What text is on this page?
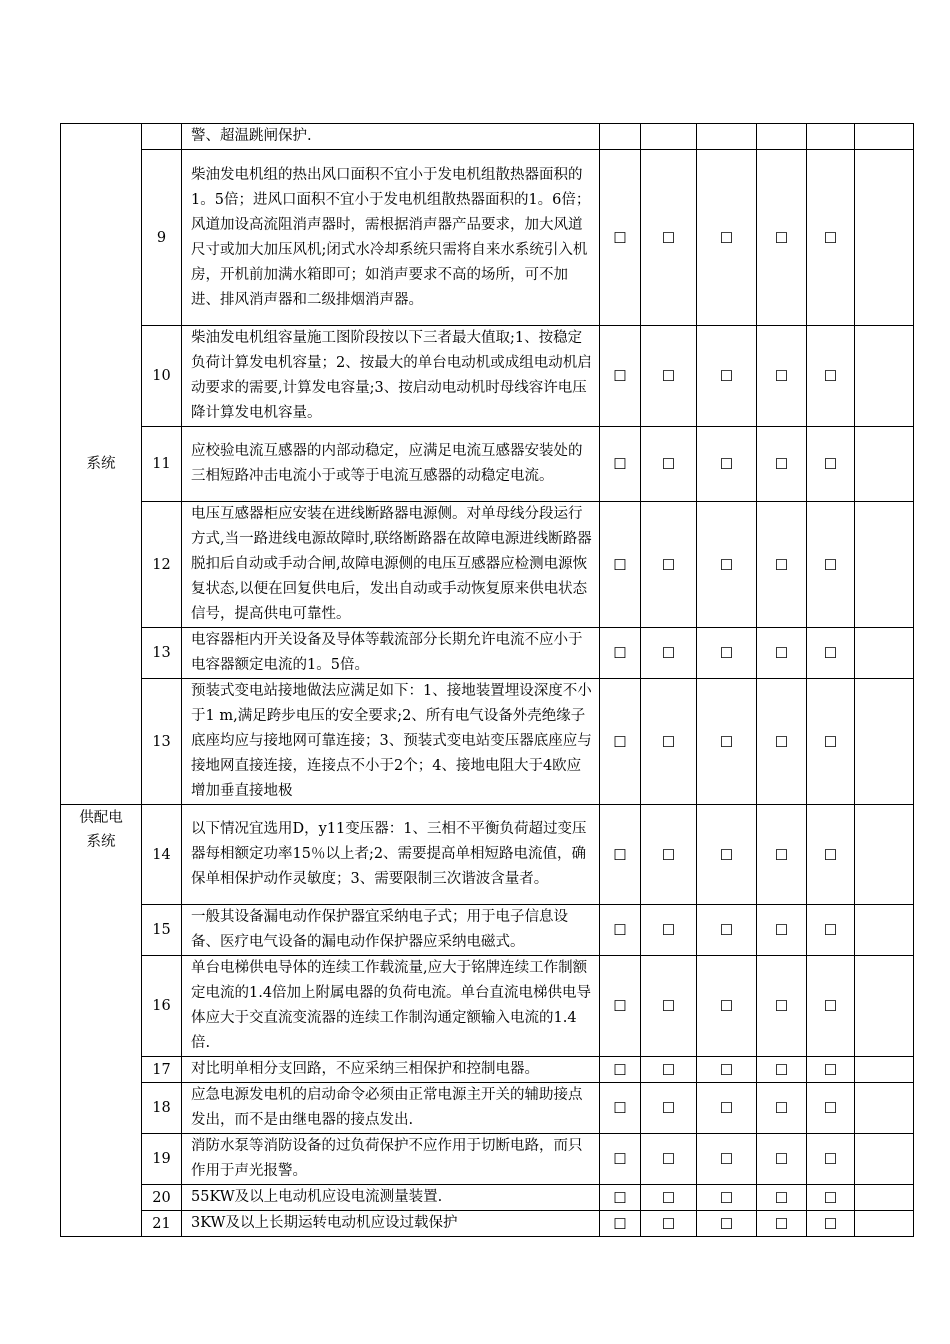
系统		警、超温跳闸保护.						
	9	柴油发电机组的热出风口面积不宜小于发电机组散热器面积的1。5倍；进风口面积不宜小于发电机组散热器面积的1。6倍；风道加设高流阻消声器时，需根据消声器产品要求，加大风道尺寸或加大加压风机;闭式水冷却系统只需将自来水系统引入机房，开机前加满水箱即可；如消声要求不高的场所，可不加进、排风消声器和二级排烟消声器。	☐	☐	☐	☐	☐	
	10	柴油发电机组容量施工图阶段按以下三者最大值取;1、按稳定负荷计算发电机容量；2、按最大的单台电动机或成组电动机启动要求的需要,计算发电容量;3、按启动电动机时母线容许电压降计算发电机容量。	☐	☐	☐	☐	☐	
	11	应校验电流互感器的内部动稳定，应满足电流互感器安装处的三相短路冲击电流小于或等于电流互感器的动稳定电流。	☐	☐	☐	☐	☐	
	12	电压互感器柜应安装在进线断路器电源侧。对单母线分段运行方式,当一路进线电源故障时,联络断路器在故障电源进线断路器脱扣后自动或手动合闸,故障电源侧的电压互感器应检测电源恢复状态,以便在回复供电后，发出自动或手动恢复原来供电状态信号，提高供电可靠性。	☐	☐	☐	☐	☐	
	13	电容器柜内开关设备及导体等载流部分长期允许电流不应小于电容器额定电流的1。5倍。	☐	☐	☐	☐	☐	
	13	预装式变电站接地做法应满足如下：1、接地装置埋设深度不小于1 m,满足跨步电压的安全要求;2、所有电气设备外壳绝缘子底座均应与接地网可靠连接；3、预装式变电站变压器底座应与接地网直接连接，连接点不小于2个；4、接地电阻大于4欧应增加垂直接地极	☐	☐	☐	☐	☐	

供配电系统	14	以下情况宜选用D，y11变压器：1、三相不平衡负荷超过变压器每相额定功率15％以上者;2、需要提高单相短路电流值，确保单相保护动作灵敏度；3、需要限制三次谐波含量者。	☐	☐	☐	☐	☐	
	15	一般其设备漏电动作保护器宜采纳电子式；用于电子信息设备、医疗电气设备的漏电动作保护器应采纳电磁式。	☐	☐	☐	☐	☐	
	16	单台电梯供电导体的连续工作载流量,应大于铭牌连续工作制额定电流的1.4倍加上附属电器的负荷电流。单台直流电梯供电导体应大于交直流变流器的连续工作制沟通定额输入电流的1.4倍.	☐	☐	☐	☐	☐	
	17	对比明单相分支回路，不应采纳三相保护和控制电器。	☐	☐	☐	☐	☐	
	18	应急电源发电机的启动命令必须由正常电源主开关的辅助接点发出，而不是由继电器的接点发出.	☐	☐	☐	☐	☐	
	19	消防水泵等消防设备的过负荷保护不应作用于切断电路，而只作用于声光报警。	☐	☐	☐	☐	☐	
	20	55KW及以上电动机应设电流测量装置.	☐	☐	☐	☐	☐	
	21	3KW及以上长期运转电动机应设过载保护	☐	☐	☐	☐	☐	
